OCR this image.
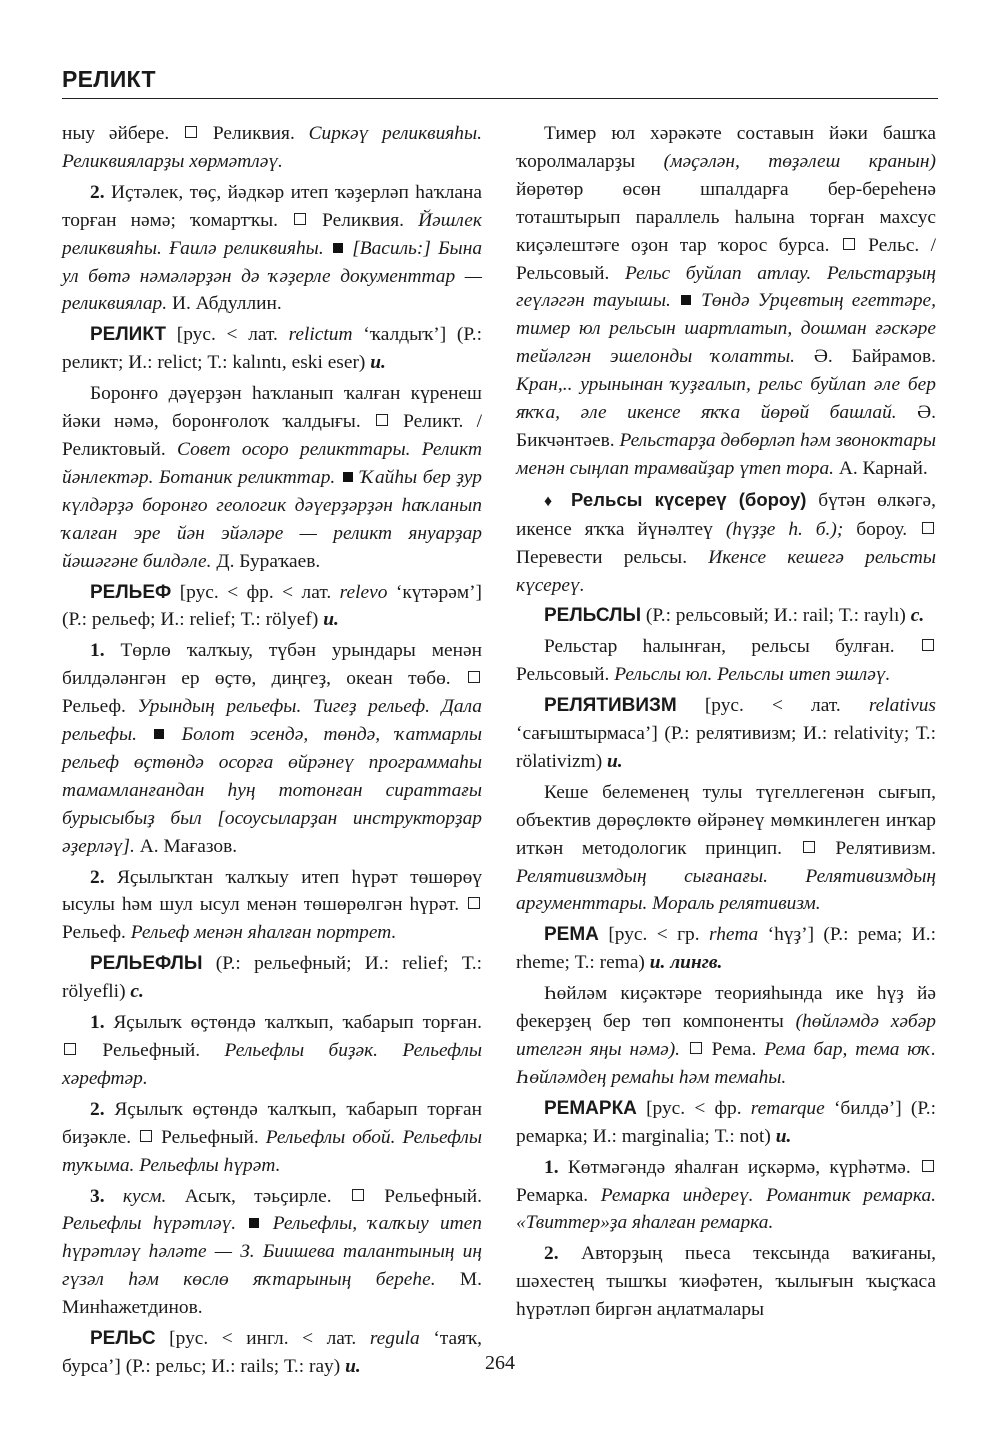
РЕЛИКТ

ныу әйбере. Реликвия. Сиркәү реликвияһы. Реликвияларҙы хөрмәтләү.

2. Иҫтәлек, төҫ, йәдкәр итеп ҡәҙерләп һаҡлана торған нәмә; ҡомартҡы. Реликвия. Йәшлек реликвияһы. Ғаилә реликвияһы. [Василь:] Бына ул бөтә нәмәләрҙән дә ҡәҙерле документтар — реликвиялар. И. Абдуллин.

РЕЛИКТ [рус. < лат. relictum ‘ҡалдыҡ’] (Р.: реликт; И.: relict; Т.: kalıntı, eski eser) и.

Боронғо дәүерҙән һаҡланып ҡалған күренеш йәки нәмә, боронғолоҡ ҡалдығы. Реликт. / Реликтовый. Совет осоро реликттары. Реликт йәнлектәр. Ботаник реликттар. Ҡайһы бер ҙур күлдәрҙә боронғо геологик дәүерҙәрҙән һаҡланып ҡалған эре йән эйәләре — реликт януарҙар йәшәгәне билдәле. Д. Бураҡаев.

РЕЛЬЕФ [рус. < фр. < лат. relevo ‘күтәрәм’] (Р.: рельеф; И.: relief; Т.: rölyef) и.

1. Төрлө ҡалҡыу, түбән урындары менән билдәләнгән ер өҫтө, диңгеҙ, океан төбө.  Рельеф. Урындың рельефы. Тигеҙ рельеф. Дала рельефы. Болот эсендә, төндә, ҡатмарлы рельеф өҫтөндә осорға өйрәнеү программаһы тамамланғандан һуң тотонған сираттағы бурысыбыҙ был [осоусыларҙан инструкторҙар әҙерләү]. А. Мағазов.

2. Яҫылыҡтан ҡалҡыу итеп һүрәт төшөрөү ысулы һәм шул ысул менән төшөрөлгән һүрәт.  Рельеф. Рельеф менән яһалған портрет.

РЕЛЬЕФЛЫ (Р.: рельефный; И.: relief; Т.: rölyefli) с.

1. Яҫылыҡ өҫтөндә ҡалҡып, ҡабарып торған.  Рельефный. Рельефлы биҙәк. Рельефлы хәрефтәр.

2. Яҫылыҡ өҫтөндә ҡалҡып, ҡабарып торған биҙәкле. Рельефный. Рельефлы обой. Рельефлы туҡыма. Рельефлы һүрәт.

3. кусм. Асыҡ, тәьҫирле.	Рельефный. Рельефлы һүрәтләү. Рельефлы, ҡалҡыу итеп һүрәтләү һәләте — З. Биишева талантының иң гүзәл һәм көслө яҡтарының береһе. М. Минһажетдинов.

РЕЛЬС [рус. < ингл. < лат. regula ‘таяҡ, бурса’] (Р.: рельс; И.: rails; Т.: ray) и.

Тимер юл хәрәкәте составын йәки башҡа ҡоролмаларҙы (мәҫәлән, төҙәлеш кранын) йөрөтөр өсөн шпалдарға бер-береһенә тоташтырып параллель һалына торған махсус киҫәлештәге оҙон тар ҡорос бурса. Рельс. / Рельсовый. Рельс буйлап атлау. Рельстарҙың геүләгән тауышы. Төндә Урцевтың егеттәре, тимер юл рельсын шартлатып, дошман ғәскәре тейәлгән эшелонды ҡолатты. Ә. Байрамов. Кран,.. урынынан ҡуҙғалып, рельс буйлап әле бер яҡҡа, әле икенсе яҡҡа йөрөй башлай. Ә. Бикчәнтәев. Рельстарҙа дөбөрләп һәм звоноктары менән сыңлап трамвайҙар үтеп тора. А. Карнай.

♦ Рельсы күсереү (бороу) бүтән өлкәгә, икенсе яҡҡа йүнәлтеү (һүҙҙе һ. б.); бороу.  Перевести рельсы. Икенсе кешегә рельсты күсереү.

РЕЛЬСЛЫ (Р.: рельсовый; И.: rail; Т.: raylı) с.

Рельстар һалынған, рельсы булған.  Рельсовый. Рельслы юл. Рельслы итеп эшләү.

РЕЛЯТИВИЗМ [рус. < лат. relativus ‘сағыштырмаса’] (Р.: релятивизм; И.: relativity; Т.: rölativizm) и.

Кеше белеменең тулы түгеллегенән сығып, объектив дөрөҫлөктө өйрәнеү мөмкинлеген инҡар иткән методологик принцип.	Релятивизм. Релятивизмдың сығанағы. Релятивизмдың аргументтары. Мораль релятивизм.

РЕМА [рус. < гр. rhema ‘һүҙ’] (Р.: рема; И.: rheme; Т.: rema) и. лингв.

Һөйләм киҫәктәре теорияһында ике һүҙ йә фекерҙең бер төп компоненты (һөйләмдә хәбәр ителгән яңы нәмә). Рема. Рема бар, тема юҡ. Һөйләмдең ремаһы һәм темаһы.

РЕМАРКА [рус. < фр. remarque ‘билдә’] (Р.: ремарка; И.: marginalia; Т.: not) и.

1. Көтмәгәндә яһалған иҫкәрмә, күрһәтмә.  Ремарка. Ремарка индереү. Романтик ремарка. «Твиттер»ҙа яһалған ремарка.

2. Авторҙың пьеса тексында ваҡиғаны, шәхестең тышҡы ҡиәфәтен, ҡылығын ҡыҫҡаса һүрәтләп биргән аңлатмалары

264
